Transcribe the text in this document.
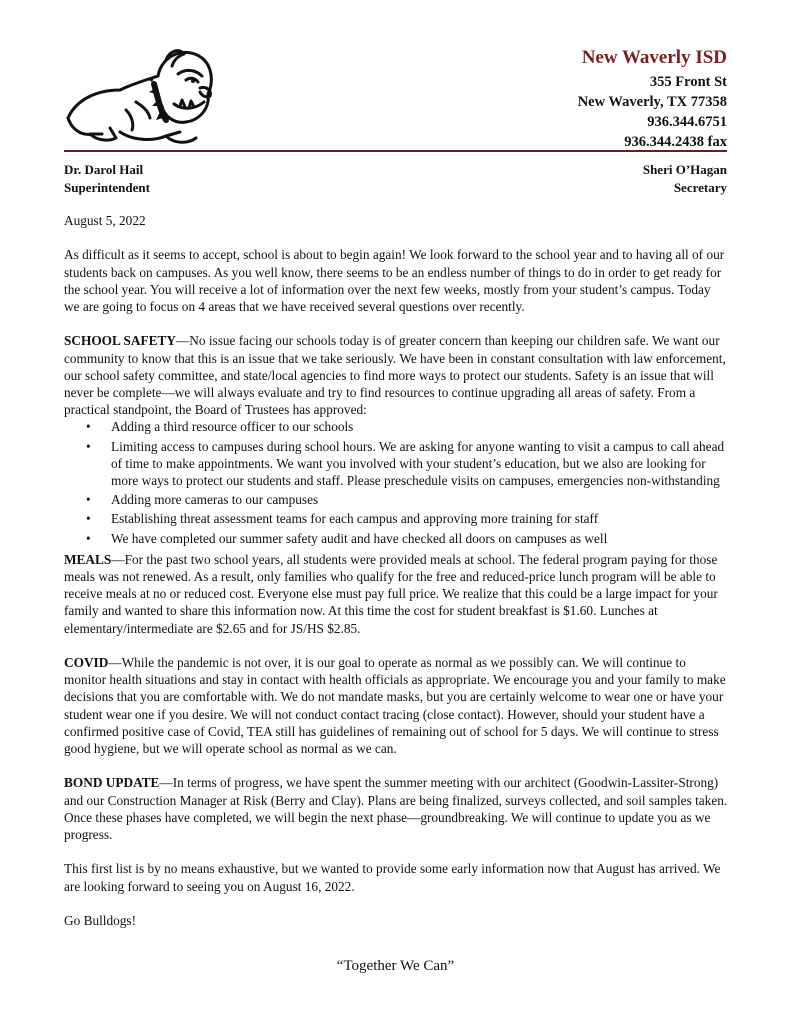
New Waverly ISD
355 Front St
New Waverly, TX 77358
936.344.6751
936.344.2438 fax
Dr. Darol Hail
Superintendent
Sheri O’Hagan
Secretary

August 5, 2022

As difficult as it seems to accept, school is about to begin again! We look forward to the school year and to having all of our students back on campuses. As you well know, there seems to be an endless number of things to do in order to get ready for the school year. You will receive a lot of information over the next few weeks, mostly from your student’s campus. Today we are going to focus on 4 areas that we have received several questions over recently.

SCHOOL SAFETY—No issue facing our schools today is of greater concern than keeping our children safe. We want our community to know that this is an issue that we take seriously. We have been in constant consultation with law enforcement, our school safety committee, and state/local agencies to find more ways to protect our students. Safety is an issue that will never be complete—we will always evaluate and try to find resources to continue upgrading all areas of safety. From a practical standpoint, the Board of Trustees has approved:

• Adding a third resource officer to our schools
• Limiting access to campuses during school hours. We are asking for anyone wanting to visit a campus to call ahead of time to make appointments. We want you involved with your student’s education, but we also are looking for more ways to protect our students and staff. Please preschedule visits on campuses, emergencies non-withstanding
• Adding more cameras to our campuses
• Establishing threat assessment teams for each campus and approving more training for staff
• We have completed our summer safety audit and have checked all doors on campuses as well

MEALS—For the past two school years, all students were provided meals at school. The federal program paying for those meals was not renewed. As a result, only families who qualify for the free and reduced-price lunch program will be able to receive meals at no or reduced cost. Everyone else must pay full price. We realize that this could be a large impact for your family and wanted to share this information now. At this time the cost for student breakfast is $1.60. Lunches at elementary/intermediate are $2.65 and for JS/HS $2.85.

COVID—While the pandemic is not over, it is our goal to operate as normal as we possibly can. We will continue to monitor health situations and stay in contact with health officials as appropriate. We encourage you and your family to make decisions that you are comfortable with. We do not mandate masks, but you are certainly welcome to wear one or have your student wear one if you desire. We will not conduct contact tracing (close contact). However, should your student have a confirmed positive case of Covid, TEA still has guidelines of remaining out of school for 5 days. We will continue to stress good hygiene, but we will operate school as normal as we can.

BOND UPDATE—In terms of progress, we have spent the summer meeting with our architect (Goodwin-Lassiter-Strong) and our Construction Manager at Risk (Berry and Clay). Plans are being finalized, surveys collected, and soil samples taken. Once these phases have completed, we will begin the next phase—groundbreaking. We will continue to update you as we progress.

This first list is by no means exhaustive, but we wanted to provide some early information now that August has arrived. We are looking forward to seeing you on August 16, 2022.

Go Bulldogs!

“Together We Can”
